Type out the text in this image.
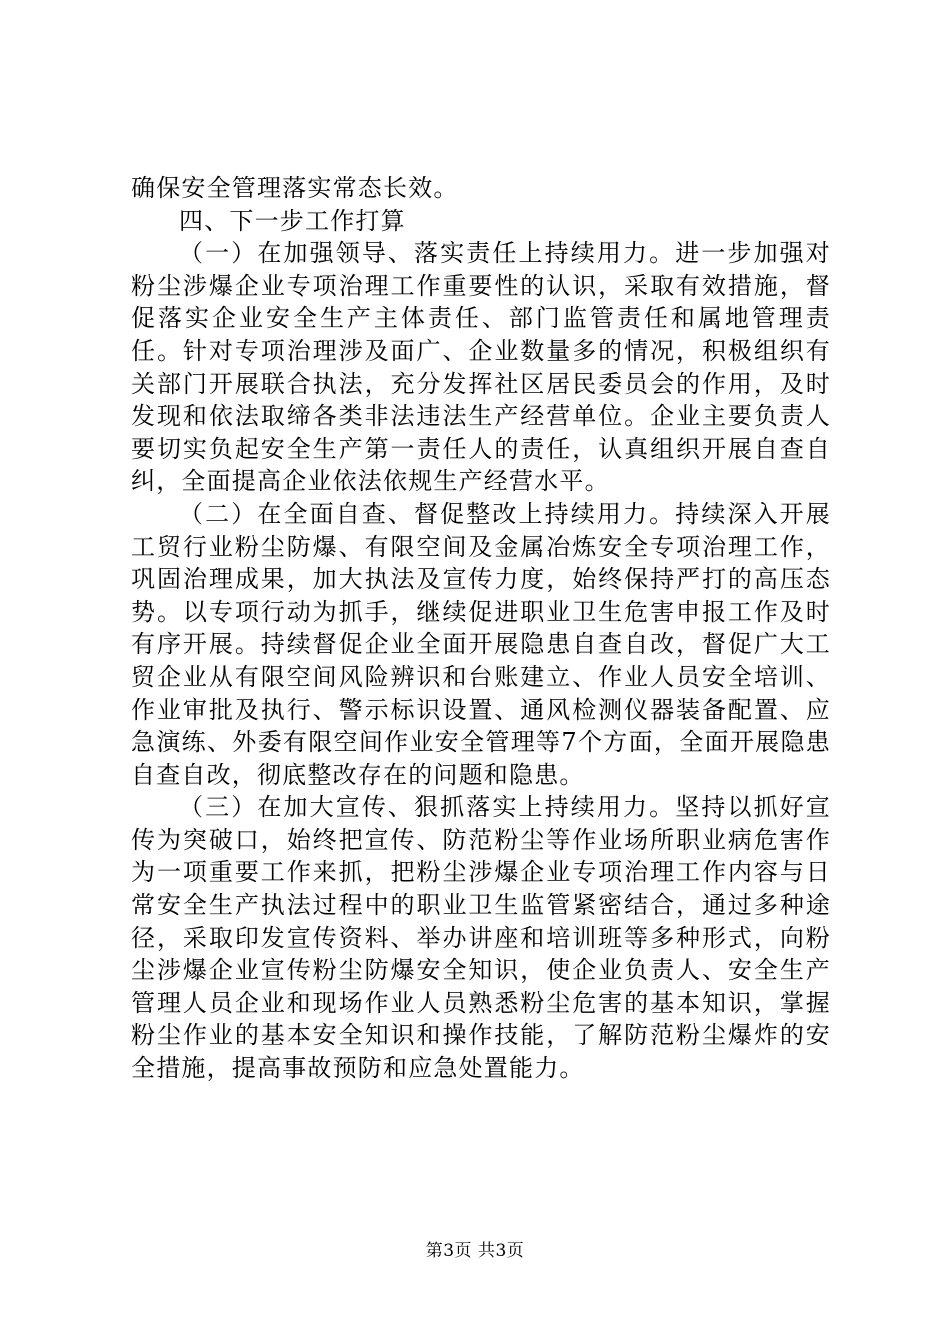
确保安全管理落实常态长效。

四、下一步工作打算

（一）在加强领导、落实责任上持续用力。进一步加强对粉尘涉爆企业专项治理工作重要性的认识，采取有效措施，督促落实企业安全生产主体责任、部门监管责任和属地管理责任。针对专项治理涉及面广、企业数量多的情况，积极组织有关部门开展联合执法，充分发挥社区居民委员会的作用，及时发现和依法取缔各类非法违法生产经营单位。企业主要负责人要切实负起安全生产第一责任人的责任，认真组织开展自查自纠，全面提高企业依法依规生产经营水平。

（二）在全面自查、督促整改上持续用力。持续深入开展工贸行业粉尘防爆、有限空间及金属冶炼安全专项治理工作，巩固治理成果，加大执法及宣传力度，始终保持严打的高压态势。以专项行动为抓手，继续促进职业卫生危害申报工作及时有序开展。持续督促企业全面开展隐患自查自改，督促广大工贸企业从有限空间风险辨识和台账建立、作业人员安全培训、作业审批及执行、警示标识设置、通风检测仪器装备配置、应急演练、外委有限空间作业安全管理等7个方面，全面开展隐患自查自改，彻底整改存在的问题和隐患。

（三）在加大宣传、狠抓落实上持续用力。坚持以抓好宣传为突破口，始终把宣传、防范粉尘等作业场所职业病危害作为一项重要工作来抓，把粉尘涉爆企业专项治理工作内容与日常安全生产执法过程中的职业卫生监管紧密结合，通过多种途径，采取印发宣传资料、举办讲座和培训班等多种形式，向粉尘涉爆企业宣传粉尘防爆安全知识，使企业负责人、安全生产管理人员企业和现场作业人员熟悉粉尘危害的基本知识，掌握粉尘作业的基本安全知识和操作技能，了解防范粉尘爆炸的安全措施，提高事故预防和应急处置能力。

第3页 共3页
